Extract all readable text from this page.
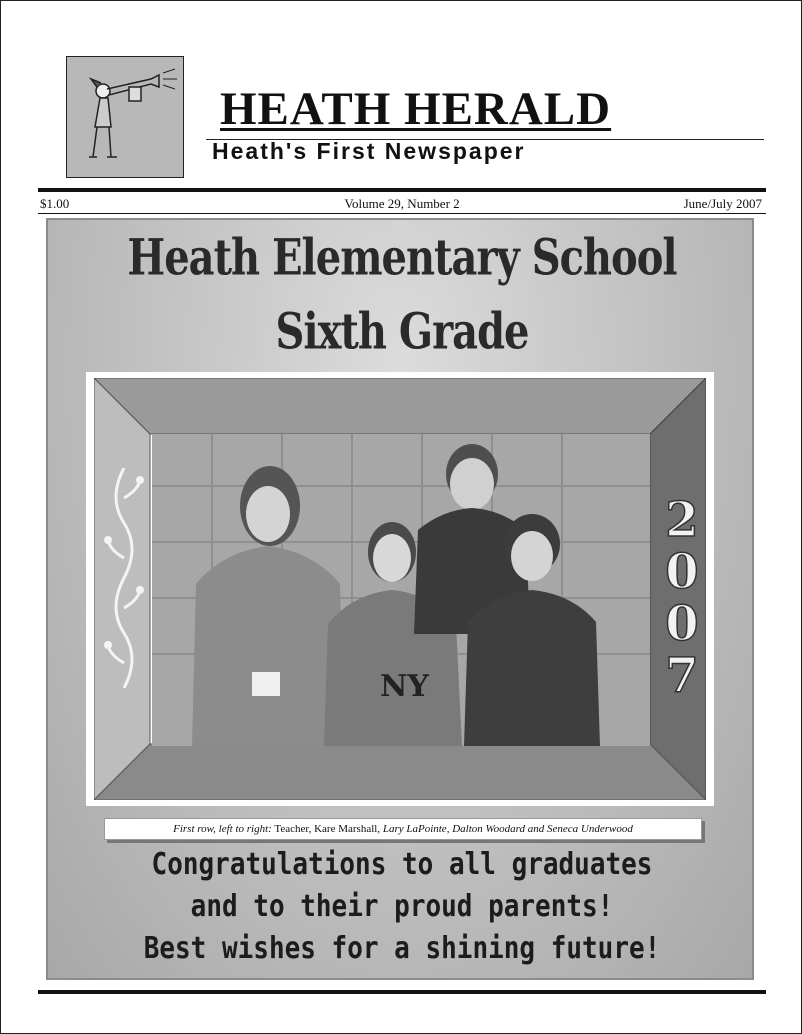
HEATH HERALD
Heath's First Newspaper
$1.00	Volume 29, Number 2	June/July 2007
Heath Elementary School
Sixth Grade
NY
2
0
0
7
First row, left to right: Teacher, Kare Marshall, Lary LaPointe, Dalton Woodard and Seneca Underwood
Congratulations to all graduates
and to their proud parents!
Best wishes for a shining future!
